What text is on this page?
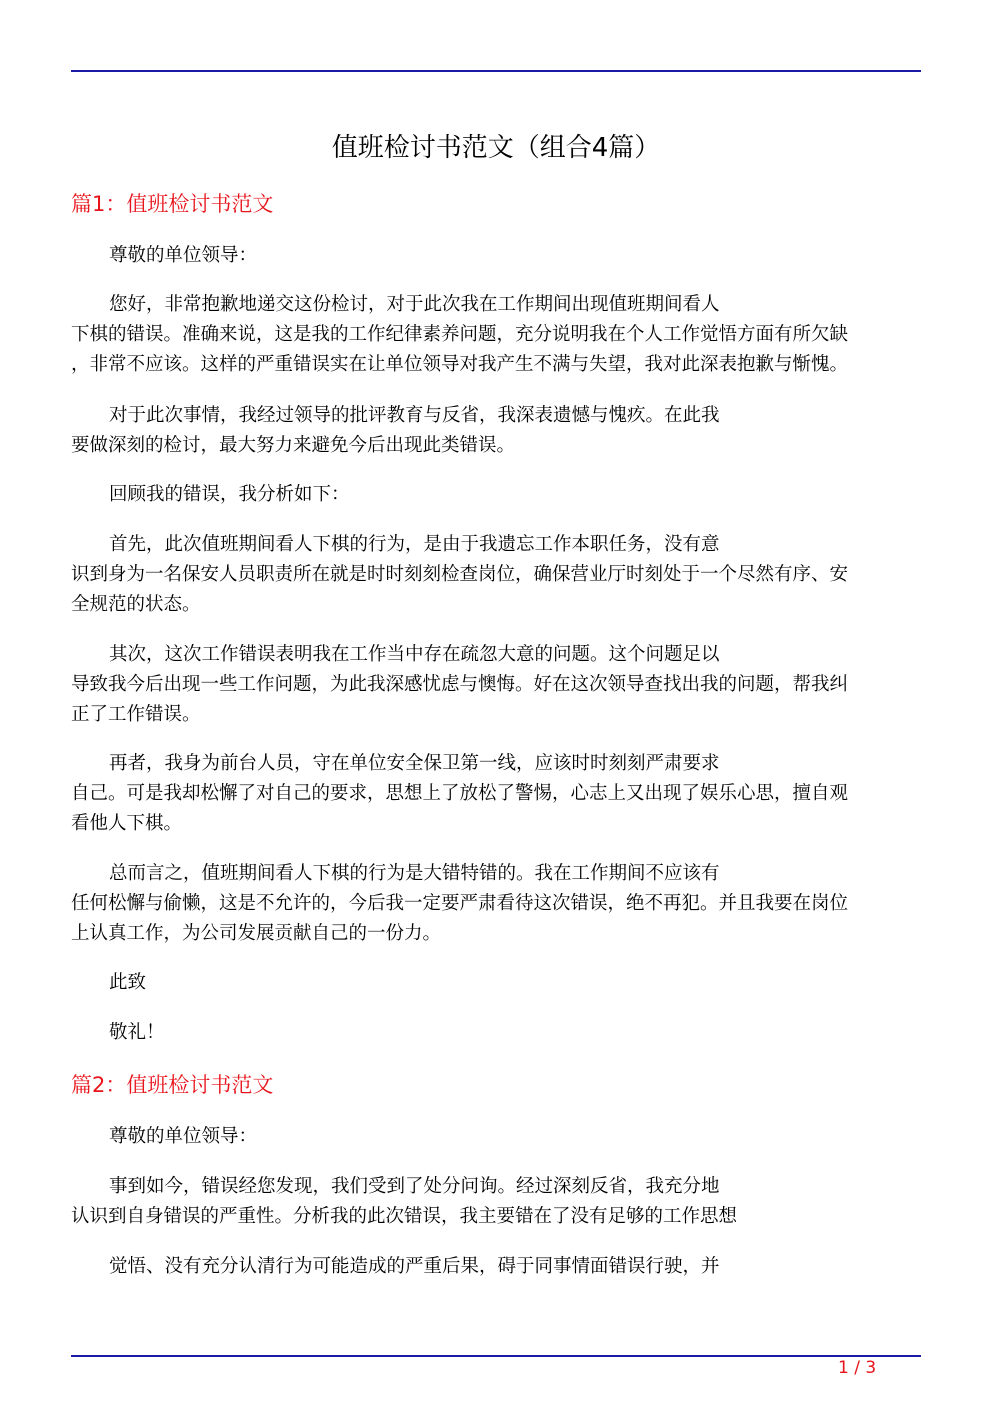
值班检讨书范文（组合4篇）
篇1：值班检讨书范文
尊敬的单位领导：
您好，非常抱歉地递交这份检讨，对于此次我在工作期间出现值班期间看人
下棋的错误。准确来说，这是我的工作纪律素养问题，充分说明我在个人工作觉悟方面有所欠缺
，非常不应该。这样的严重错误实在让单位领导对我产生不满与失望，我对此深表抱歉与惭愧。
对于此次事情，我经过领导的批评教育与反省，我深表遗憾与愧疚。在此我
要做深刻的检讨，最大努力来避免今后出现此类错误。
回顾我的错误，我分析如下：
首先，此次值班期间看人下棋的行为，是由于我遗忘工作本职任务，没有意
识到身为一名保安人员职责所在就是时时刻刻检查岗位，确保营业厅时刻处于一个尽然有序、安
全规范的状态。
其次，这次工作错误表明我在工作当中存在疏忽大意的问题。这个问题足以
导致我今后出现一些工作问题，为此我深感忧虑与懊悔。好在这次领导查找出我的问题，帮我纠
正了工作错误。
再者，我身为前台人员，守在单位安全保卫第一线，应该时时刻刻严肃要求
自己。可是我却松懈了对自己的要求，思想上了放松了警惕，心志上又出现了娱乐心思，擅自观
看他人下棋。
总而言之，值班期间看人下棋的行为是大错特错的。我在工作期间不应该有
任何松懈与偷懒，这是不允许的，今后我一定要严肃看待这次错误，绝不再犯。并且我要在岗位
上认真工作，为公司发展贡献自己的一份力。
此致
敬礼！
篇2：值班检讨书范文
尊敬的单位领导：
事到如今，错误经您发现，我们受到了处分问询。经过深刻反省，我充分地
认识到自身错误的严重性。分析我的此次错误，我主要错在了没有足够的工作思想
觉悟、没有充分认清行为可能造成的严重后果，碍于同事情面错误行驶，并
1 / 3
